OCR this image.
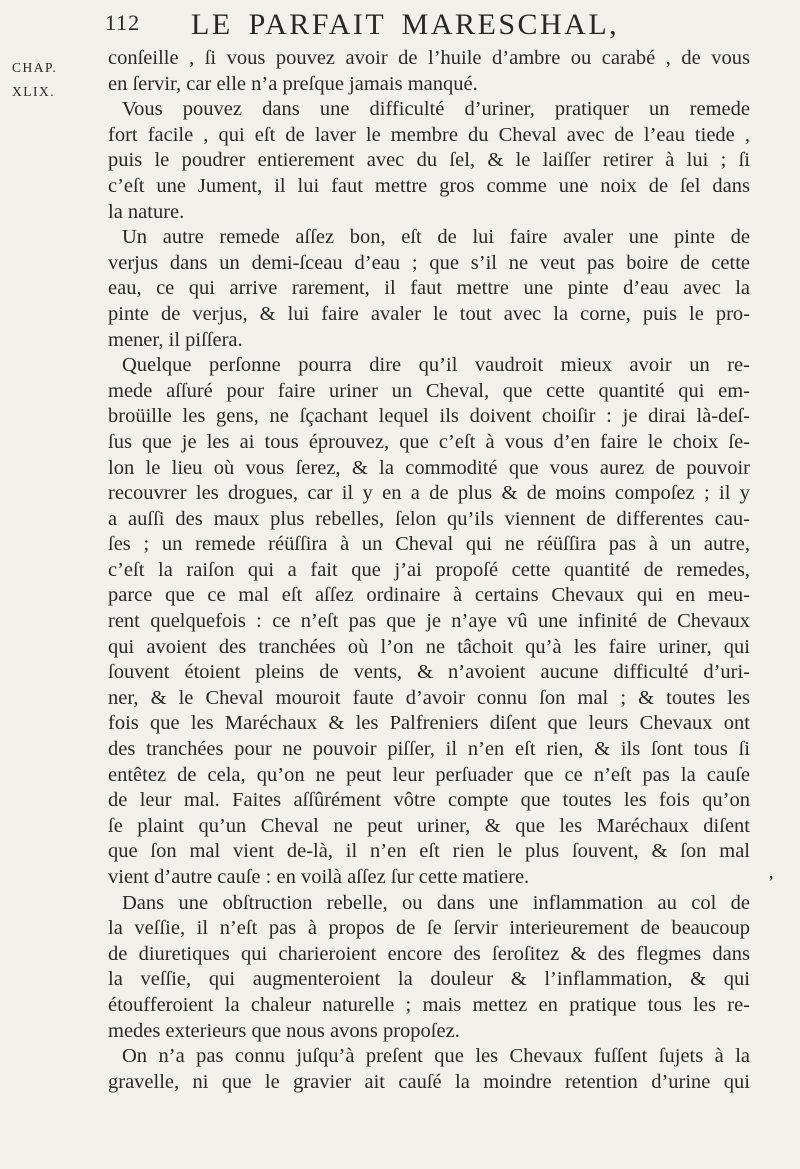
112 LE PARFAIT MARESCHAL,
CHAP.
XLIX.
conſeille , ſi vous pouvez avoir de l’huile d’ambre ou carabé , de vous
en ſervir, car elle n’a preſque jamais manqué.
Vous pouvez dans une difficulté d’uriner, pratiquer un remede
fort facile , qui eſt de laver le membre du Cheval avec de l’eau tiede ,
puis le poudrer entierement avec du ſel, & le laiſſer retirer à lui ; ſi
c’eſt une Jument, il lui faut mettre gros comme une noix de ſel dans
la nature.
Un autre remede aſſez bon, eſt de lui faire avaler une pinte de
verjus dans un demi-ſceau d’eau ; que s’il ne veut pas boire de cette
eau, ce qui arrive rarement, il faut mettre une pinte d’eau avec la
pinte de verjus, & lui faire avaler le tout avec la corne, puis le pro-
mener, il piſſera.
Quelque perſonne pourra dire qu’il vaudroit mieux avoir un re-
mede aſſuré pour faire uriner un Cheval, que cette quantité qui em-
broüille les gens, ne ſçachant lequel ils doivent choiſir : je dirai là-deſ-
ſus que je les ai tous éprouvez, que c’eſt à vous d’en faire le choix ſe-
lon le lieu où vous ſerez, & la commodité que vous aurez de pouvoir
recouvrer les drogues, car il y en a de plus & de moins compoſez ; il y
a auſſi des maux plus rebelles, ſelon qu’ils viennent de differentes cau-
ſes ; un remede réüſſira à un Cheval qui ne réüſſira pas à un autre,
c’eſt la raiſon qui a fait que j’ai propoſé cette quantité de remedes,
parce que ce mal eſt aſſez ordinaire à certains Chevaux qui en meu-
rent quelquefois : ce n’eſt pas que je n’aye vû une infinité de Chevaux
qui avoient des tranchées où l’on ne tâchoit qu’à les faire uriner, qui
ſouvent étoient pleins de vents, & n’avoient aucune difficulté d’uri-
ner, & le Cheval mouroit faute d’avoir connu ſon mal ; & toutes les
fois que les Maréchaux & les Palfreniers diſent que leurs Chevaux ont
des tranchées pour ne pouvoir piſſer, il n’en eſt rien, & ils ſont tous ſi
entêtez de cela, qu’on ne peut leur perſuader que ce n’eſt pas la cauſe
de leur mal. Faites aſſûrément vôtre compte que toutes les fois qu’on
ſe plaint qu’un Cheval ne peut uriner, & que les Maréchaux diſent
que ſon mal vient de-là, il n’en eſt rien le plus ſouvent, & ſon mal
vient d’autre cauſe : en voilà aſſez ſur cette matiere.
Dans une obſtruction rebelle, ou dans une inflammation au col de
la veſſie, il n’eſt pas à propos de ſe ſervir interieurement de beaucoup
de diuretiques qui charieroient encore des ſeroſitez & des flegmes dans
la veſſie, qui augmenteroient la douleur & l’inflammation, & qui
étoufferoient la chaleur naturelle ; mais mettez en pratique tous les re-
medes exterieurs que nous avons propoſez.
On n’a pas connu juſqu’à preſent que les Chevaux fuſſent ſujets à la
gravelle, ni que le gravier ait cauſé la moindre retention d’urine qui
,
